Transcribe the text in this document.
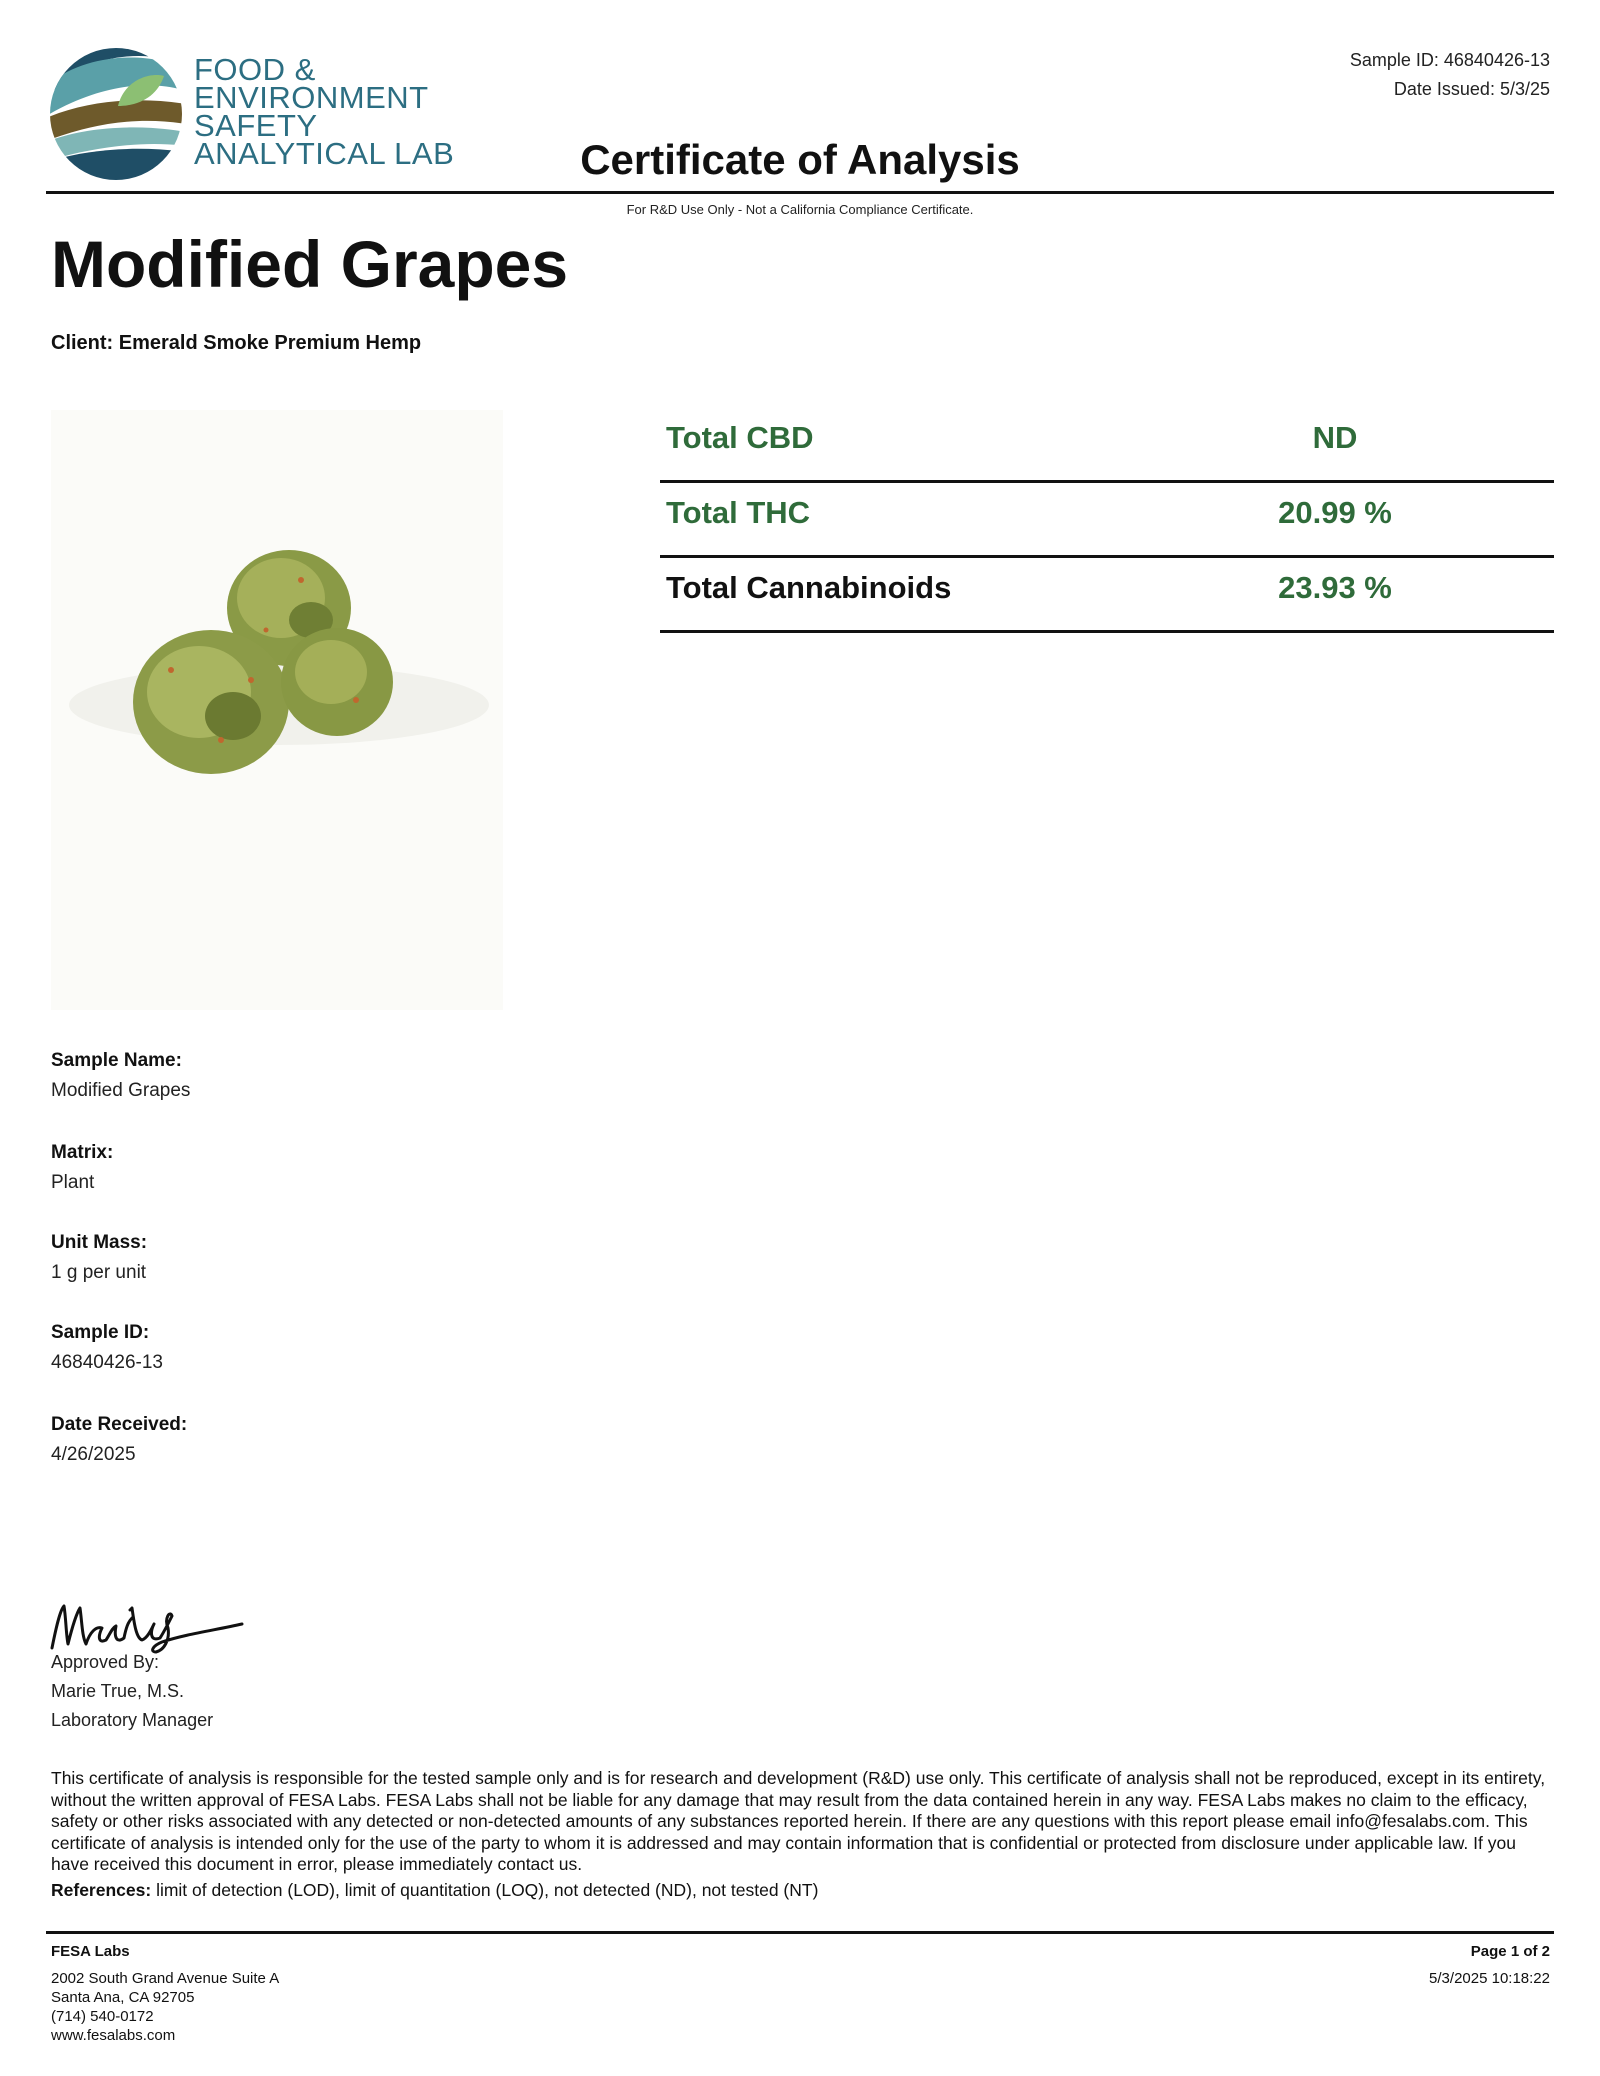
FOOD &
ENVIRONMENT
SAFETY
ANALYTICAL LAB
Sample ID: 46840426-13
Date Issued: 5/3/25
Certificate of Analysis
For R&D Use Only - Not a California Compliance Certificate.
Modified Grapes
Client: Emerald Smoke Premium Hemp
Total CBD	ND
Total THC	20.99 %
Total Cannabinoids	23.93 %
Sample Name:
Modified Grapes
Matrix:
Plant
Unit Mass:
1 g per unit
Sample ID:
46840426-13
Date Received:
4/26/2025
Approved By:
Marie True, M.S.
Laboratory Manager
This certificate of analysis is responsible for the tested sample only and is for research and development (R&D) use only. This certificate of analysis shall not be reproduced, except in its entirety, without the written approval of FESA Labs. FESA Labs shall not be liable for any damage that may result from the data contained herein in any way. FESA Labs makes no claim to the efficacy, safety or other risks associated with any detected or non-detected amounts of any substances reported herein. If there are any questions with this report please email info@fesalabs.com. This certificate of analysis is intended only for the use of the party to whom it is addressed and may contain information that is confidential or protected from disclosure under applicable law. If you have received this document in error, please immediately contact us.
References: limit of detection (LOD), limit of quantitation (LOQ), not detected (ND), not tested (NT)
FESA Labs
2002 South Grand Avenue Suite A
Santa Ana, CA 92705
(714) 540-0172
www.fesalabs.com
Page 1 of 2
5/3/2025 10:18:22
